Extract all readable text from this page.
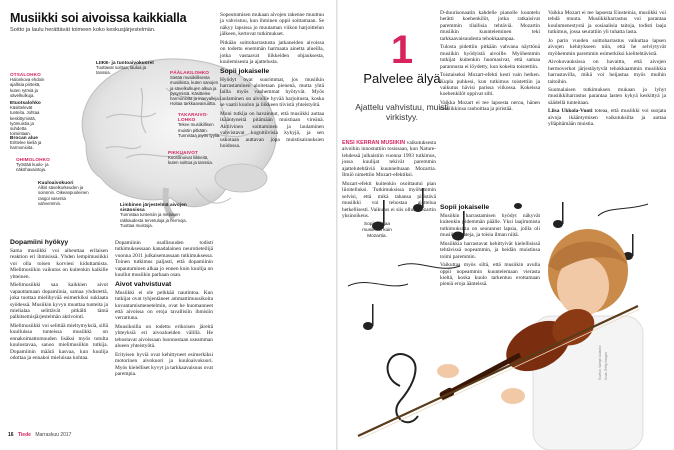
Musiikki soi aivoissa kaikkialla
Soitto ja laulu herättävät toimeen koko keskusjärjestelmän.
OTSALOHKO
Halonkova ehdoin ajallisia piirteitä, kuten rytmiä ja sävelkulkuja.
LIIKE- ja tuntoaivokuoret
Tuottavat soittoa, laulua ja tanssia.	PÄÄLAKILOHKO
Sietää musiikillisesta musiikista, kuten sanojen ja sävelkulkujen alkua ja pysymistä. Käsittelee harmonioita ja intervalleja. Hoitaa tarkkaavaisuutta.
Etuotsalohko
Käsittelevät tunteita. Johtaa keskittymistä, työmuistia ja suhdetta toimintaan.
TAKARAIVO-LOHKO
Tekee musiikillisen muistin pitkään. Tunnistaa myös tyyliä.
Brocan alue
Erittelee kieliä ja harmonioita.
OHIMOLOHKO
Työstää kuulo- ja näköhavaintoja.
PIKKUAIVOT
Koordinoivat liikkeitä, kuten soittoa ja tanssia.
Kuuloaivokuori
Alkiö sävelkorkeuden ja soinnnin. Oikeanpuoleinen rasgoi vasenta vahvemmin.	Limbinen järjestelmä aivojen sisäosissa
Tunnistaa tunteisiin ja melaisen rakkaudesta tervetuloja ja hermoja. Tuottaa muistoja.
Dopamiini hyökyy

Sama musiikki voi aiheuttaa erilaisen reaktion eri ihmisissä. Yhden lempimusiikki voi olla toisen korviesi kiduttamista. Mielimusiikin vaikutus on kuitenkin kaikille yhteinen.

Mielimusiikki saa kaikkien aivot vapauttamaan dopamiinia, samaa yhdistettä, joka tuottaa mielihyvää esimerkiksi suklaata syödessä. Musiikin kyvyn muuttaa tunteita ja mielialaa selittävät pitkälti tämä palkitsemisjärjestelmän aktivointi.

Mielimusiikki voi selittää mieltymyksiä, sillä kuulluissa tunteissa musiikki on ennakoimattomuuden lisäksi myös tutulta kuulostavaa, sanoo mielimusiikin tutkija. Dopamiinin määrä kasvaa, kun kuulija odottaa ja ennakoi mieluisaa kohtaa.

Dopamiinin osallisuuden todisti tutkimuksessaan kanadalainen neurotieteilijä vuonna 2011 julkaisemassaan tutkimuksessa. Toinen tutkimus paljasti, että dopamiinin vapautuminen alkaa jo ennen kuin kuulija on kuullut musiikin parhaan osan.

Aivot vahvistuvat

Musiikki ei ole pelkkää nautintoa. Kun tutkijat ovat tyhjentäneet ammattimuusikoita kuvantamismenetelmin, ovat he huomanneet että aivoissa on eroja tavallisiin ihmisiin verrattuna.

Muusikoilla on todettu erikoisen järeitä yhteyksiä eri aivoalueiden välillä. He tehostavat aivoissaan luonnostaan useamman alueen yhteistyötä.

Erityisen hyviä ovat kehittyneet esimerkiksi motorinen aivokuori ja kuuloaivokuori. Myös kielelliset kyvyt ja tarkkaavaisuus ovat parempia.

Sopeutumisen mukaan aivojen rakenne muuttuu ja vahvistuu, kun ihminen oppii soittamaan. Se näkyy lapsissa jo muutaman viikon harjoittelun jälkeen, kertovat tutkimukset.

Pitkään soittoharrastusta jatkaneiden aivoissa on todettu enemmän harmaata ainetta alueilla, jotka vastaavat liikkeiden ohjauksesta, kuulemisesta ja ajattelusta.

Sopii jokaiselle

Hyödyt ovat suurimmat, jos musiikin harrastaminen aloitetaan pienenä, mutta yhtä lailla myös vanhemmat hyötyvät. Myös laulaminen on aivoille hyvää harjoitusta, koska se vaatii kuulon ja liikkeen tiivistä yhteistyötä.

Moni tutkija on havainnut, että musiikki auttaa ikääntyneitä pitämään muistiaan vireänä. Aktiivinen soittaminen ja laulaminen vahvistavat kognitiivisia kykyjä, ja sen uskotaan auttavan jopa muistisairauksien hoidossa.

16 Tiede Marraskuu 2017
1
Palvelee älyä
Ajattelu vahvistuu, muisti virkistyy.
Sopii soittaa musiikkia kuin Mozartia.
Kuvitus: Sampo Aulanko Kuva: Getty Images

ENSI KERRAN MUSIIKIN vaikutuksesta aivoihin innostuttiin tosissaan, kun Nature-lehdessä julkaistiin vuonna 1993 tutkimus, jossa kuulijat tekivät paremmin ajattelutehtäviä kuunneltuaan Mozartia. Ilmiö nimettiin Mozart-efektiksi.

Mozart-efekti kuitenkin osoittautui pian liioitelluksi. Tutkimuksissa myöhemmin selvisi, että mikä tahansa piristävä musiikki voi tehostaa ajattelua hetkellisesti. Vaikutus ei siis ollut Mozartin yksinoikeus.

D-duurisonaatin kahdelle pianolle kuuntelu herätti koehenkilöt, jotka ratkaisivat paremmin tilallisia tehtäviä. Mozartin musiikin kuunteleminen teki tarkkaavaisuudesta tehokkaampaa.

Tulosta pidettiin pitkään vahvana näyttönä musiikin hyödyistä aivoille. Myöhemmin tutkijat kuitenkin huomasivat, että samaa parannusta ei löydetty, kun kokeita toistettiin.

Toistaiseksi Mozart-efekti kesti vain hetken. Kupla puhkesi, kun tutkimus toistettiin ja vaikutus hävisi parissa viikossa. Kokeissa koehenkilöt oppivat silti.

Vaikka Mozart ei tee lapsesta neroa, hänen musiikkinsa rauhoittaa ja piristää.

Vaikka Mozart ei tee lapsesta Einsteinia, musiikki voi tehdä muuta. Musiikkiharrastus voi parantaa koulumenestystä ja sosiaalisia taitoja, todisti laaja tutkimus, jossa seurattiin yli tuhatta lasta.

Jo parin vuoden soittoharrastus vaikuttaa lapsen aivojen kehitykseen niin, että he selviytyvät myöhemmin paremmin esimerkiksi kielitehtävistä.

Aivokuvauksissa on havaittu, että aivojen hermoverkot järjestäytyvät tehokkaammin musiikkia harrastavilla, mikä voi heijastua myös muihin taitoihin.

Suomalaisen tutkimuksen mukaan jo lyhyt musiikkiharrastus parantaa lasten kykyä keskittyä ja säädellä tunteitaan.

Liisa Ukkola-Vuoti toteaa, että musiikki voi suojata aivoja ikääntymisen vaikutuksilta ja auttaa ylläpitämään muistia.

Sopii jokaiselle

Musiikin harrastamisen hyödyt näkyvät kuitenkin pidemmän päälle. Yksi laajimmista tutkimuksista on seurannut lapsia, joilla oli musiikkitunteja, ja toisia ilman niitä.

Musiikkia harrastavat kehittyivät kielellisissä tehtävissä nopeammin, ja heidän muistinsa toimi paremmin.

Vaikuttaa myös siltä, että musiikin avulla oppii nopeammin kuuntelemaan vierasta kieltä, koska kuulo tarkentuu erottamaan pieniä eroja äänteissä.
